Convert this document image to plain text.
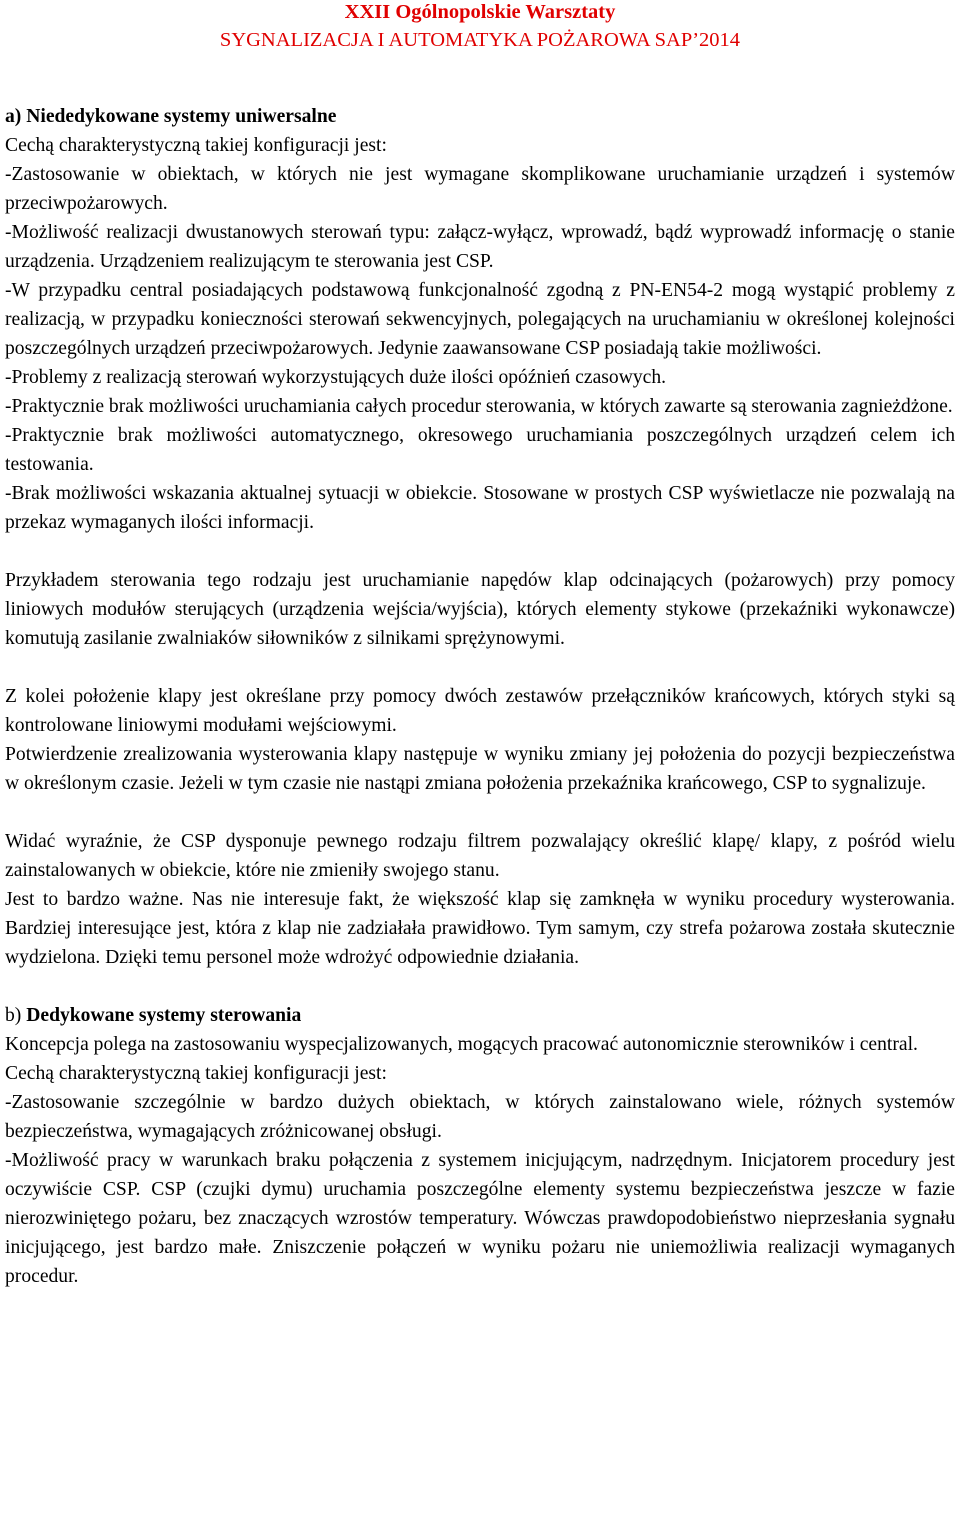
XXII Ogólnopolskie Warsztaty
SYGNALIZACJA I AUTOMATYKA POŻAROWA SAP’2014

a) Niededykowane systemy uniwersalne

Cechą charakterystyczną takiej konfiguracji jest:

-Zastosowanie w obiektach, w których nie jest wymagane skomplikowane uruchamianie urządzeń i systemów przeciwpożarowych.

-Możliwość realizacji dwustanowych sterowań typu: załącz-wyłącz, wprowadź, bądź wyprowadź informację o stanie urządzenia. Urządzeniem realizującym te sterowania jest CSP.

-W przypadku central posiadających podstawową funkcjonalność zgodną z PN-EN54-2 mogą wystąpić problemy z realizacją, w przypadku konieczności sterowań sekwencyjnych, polegających na uruchamianiu w określonej kolejności poszczególnych urządzeń przeciwpożarowych. Jedynie zaawansowane CSP posiadają takie możliwości.

-Problemy z realizacją sterowań wykorzystujących duże ilości opóźnień czasowych.

-Praktycznie brak możliwości uruchamiania całych procedur sterowania, w których zawarte są sterowania zagnieżdżone.

-Praktycznie brak możliwości automatycznego, okresowego uruchamiania poszczególnych urządzeń celem ich testowania.

-Brak możliwości wskazania aktualnej sytuacji w obiekcie. Stosowane w prostych CSP wyświetlacze nie pozwalają na przekaz wymaganych ilości informacji.

Przykładem sterowania tego rodzaju jest uruchamianie napędów klap odcinających (pożarowych) przy pomocy liniowych modułów sterujących (urządzenia wejścia/wyjścia), których elementy stykowe (przekaźniki wykonawcze) komutują zasilanie zwalniaków siłowników z silnikami sprężynowymi.

Z kolei położenie klapy jest określane przy pomocy dwóch zestawów przełączników krańcowych, których styki są kontrolowane liniowymi modułami wejściowymi.

Potwierdzenie zrealizowania wysterowania klapy następuje w wyniku zmiany jej położenia do pozycji bezpieczeństwa w określonym czasie. Jeżeli w tym czasie nie nastąpi zmiana położenia przekaźnika krańcowego, CSP to sygnalizuje.

Widać wyraźnie, że CSP dysponuje pewnego rodzaju filtrem pozwalający określić klapę/ klapy, z pośród wielu zainstalowanych w obiekcie, które nie zmieniły swojego stanu.

Jest to bardzo ważne. Nas nie interesuje fakt, że większość klap się zamknęła w wyniku procedury wysterowania. Bardziej interesujące jest, która z klap nie zadziałała prawidłowo. Tym samym, czy strefa pożarowa została skutecznie wydzielona. Dzięki temu personel może wdrożyć odpowiednie działania.

b) Dedykowane systemy sterowania

Koncepcja polega na zastosowaniu wyspecjalizowanych, mogących pracować autonomicznie sterowników i central.

Cechą charakterystyczną takiej konfiguracji jest:

-Zastosowanie szczególnie w bardzo dużych obiektach, w których zainstalowano wiele, różnych systemów bezpieczeństwa, wymagających zróżnicowanej obsługi.

-Możliwość pracy w warunkach braku połączenia z systemem inicjującym, nadrzędnym. Inicjatorem procedury jest oczywiście CSP. CSP (czujki dymu) uruchamia poszczególne elementy systemu bezpieczeństwa jeszcze w fazie nierozwiniętego pożaru, bez znaczących wzrostów temperatury. Wówczas prawdopodobieństwo nieprzesłania sygnału inicjującego, jest bardzo małe. Zniszczenie połączeń w wyniku pożaru nie uniemożliwia realizacji wymaganych procedur.
